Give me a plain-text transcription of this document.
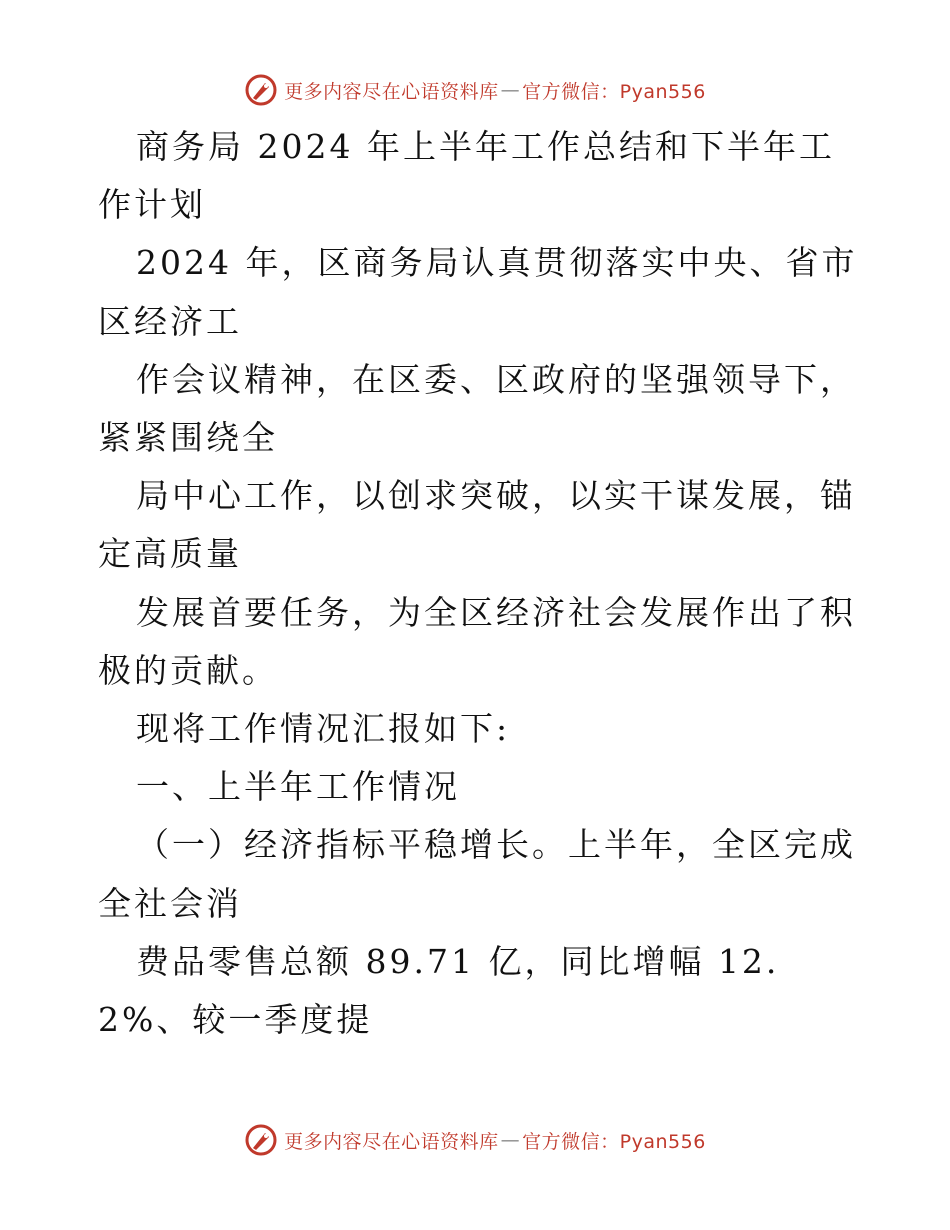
更多内容尽在心语资料库 — 官方微信：Pyan556

商务局 2024 年上半年工作总结和下半年工作计划

2024 年，区商务局认真贯彻落实中央、省市区经济工

作会议精神，在区委、区政府的坚强领导下，紧紧围绕全

局中心工作，以创求突破，以实干谋发展，锚定高质量

发展首要任务，为全区经济社会发展作出了积极的贡献。

现将工作情况汇报如下:

一、上半年工作情况

（一）经济指标平稳增长。上半年，全区完成全社会消

费品零售总额 89.71 亿，同比增幅 12.2%、较一季度提

更多内容尽在心语资料库 — 官方微信：Pyan556
